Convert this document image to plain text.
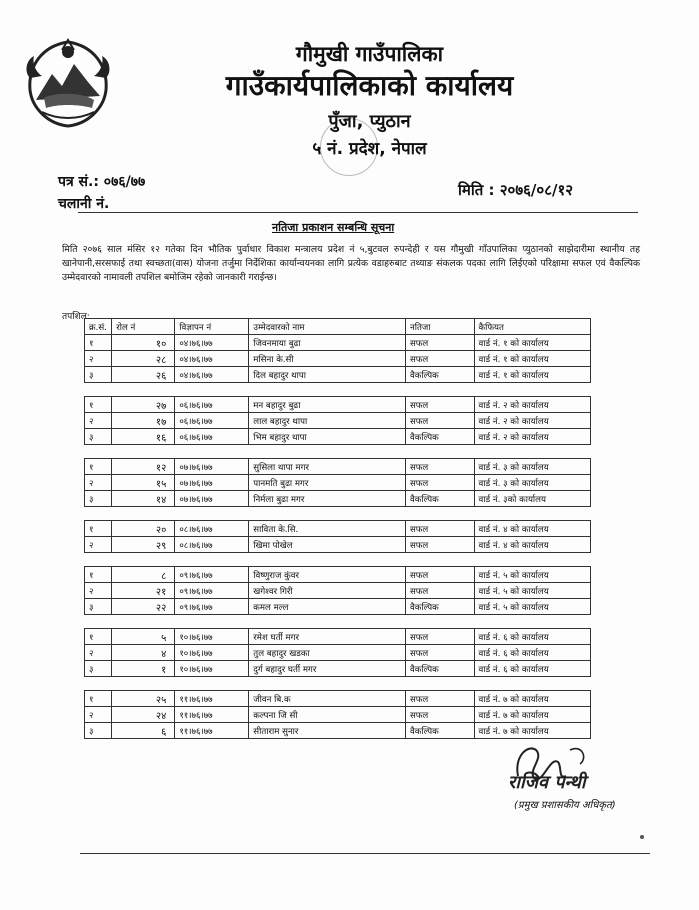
गौमुखी गाउँपालिका
गाउँकार्यपालिकाको कार्यालय
पुँजा, प्युठान
५ नं. प्रदेश, नेपाल
पत्र सं.: ०७६/७७
चलानी नं.
मिति : २०७६/०८/१२
नतिजा प्रकाशन सम्बन्धि सूचना
मिति २०७६ साल मंसिर १२ गतेका दिन भौतिक पुर्वाधार विकाश मन्त्रालय प्रदेश नं ५,बुटवल रुपन्देही र यस गौमुखी गाँउपालिका प्युठानको साझेदारीमा स्थानीय तह खानेपानी,सरसफाई तथा स्वच्छता(वास) योजना तर्जुमा निर्देशिका कार्यान्वयनका लागि प्रत्येक वडाहरुबाट तथ्याङ संकलक पदका लागि लिईएको परिक्षामा सफल एवं वैकल्पिक उम्मेदवारको नामावली तपशिल बमोजिम रहेको जानकारी गराईन्छ।
तपशिल:
क्र.सं.	रोल नं	विज्ञापन नं	उम्मेदवारको नाम	नतिजा	कैफियत
१	१०	०४।७६।७७	जिवनमाया बुढा	सफल	वार्ड नं. १ को कार्यालय
२	२८	०४।७६।७७	मसिना के.सी	सफल	वार्ड नं. १ को कार्यालय
३	२६	०४।७६।७७	दिल बहादुर थापा	वैकल्पिक	वार्ड नं. १ को कार्यालय

१	२७	०६।७६।७७	मन बहादुर बुढा	सफल	वार्ड नं. २ को कार्यालय
२	१७	०६।७६।७७	लाल बहादुर थापा	सफल	वार्ड नं. २ को कार्यालय
३	१६	०६।७६।७७	भिम बहादुर थापा	वैकल्पिक	वार्ड नं. २ को कार्यालय

१	१२	०७।७६।७७	सुसिला थापा मगर	सफल	वार्ड नं. ३ को कार्यालय
२	१५	०७।७६।७७	पानमति बुढा मगर	सफल	वार्ड नं. ३ को कार्यालय
३	१४	०७।७६।७७	निर्मला बुढा मगर	वैकल्पिक	वार्ड नं. ३को कार्यालय

१	२०	०८।७६।७७	साविता के.सि.	सफल	वार्ड नं. ४ को कार्यालय
२	२९	०८।७६।७७	खिमा पोखेल	सफल	वार्ड नं. ४ को कार्यालय

१	८	०९।७६।७७	विष्णुराज कुंवर	सफल	वार्ड नं. ५ को कार्यालय
२	२१	०९।७६।७७	खगेश्वर गिरी	सफल	वार्ड नं. ५ को कार्यालय
३	२२	०९।७६।७७	कमल मल्ल	वैकल्पिक	वार्ड नं. ५ को कार्यालय

१	५	१०।७६।७७	रमेश घर्ती मगर	सफल	वार्ड नं. ६ को कार्यालय
२	४	१०।७६।७७	तुल बहादुर खडका	सफल	वार्ड नं. ६ को कार्यालय
३	१	१०।७६।७७	दुर्ग बहादुर घर्ती मगर	वैकल्पिक	वार्ड नं. ६ को कार्यालय

१	२५	११।७६।७७	जीवन बि.क	सफल	वार्ड नं. ७ को कार्यालय
२	२४	११।७६।७७	कल्पना जि सी	सफल	वार्ड नं. ७ को कार्यालय
३	६	११।७६।७७	सीताराम सुनार	वैकल्पिक	वार्ड नं. ७ को कार्यालय
राजिव पन्थी
(प्रमुख प्रशासकीय अधिकृत)
